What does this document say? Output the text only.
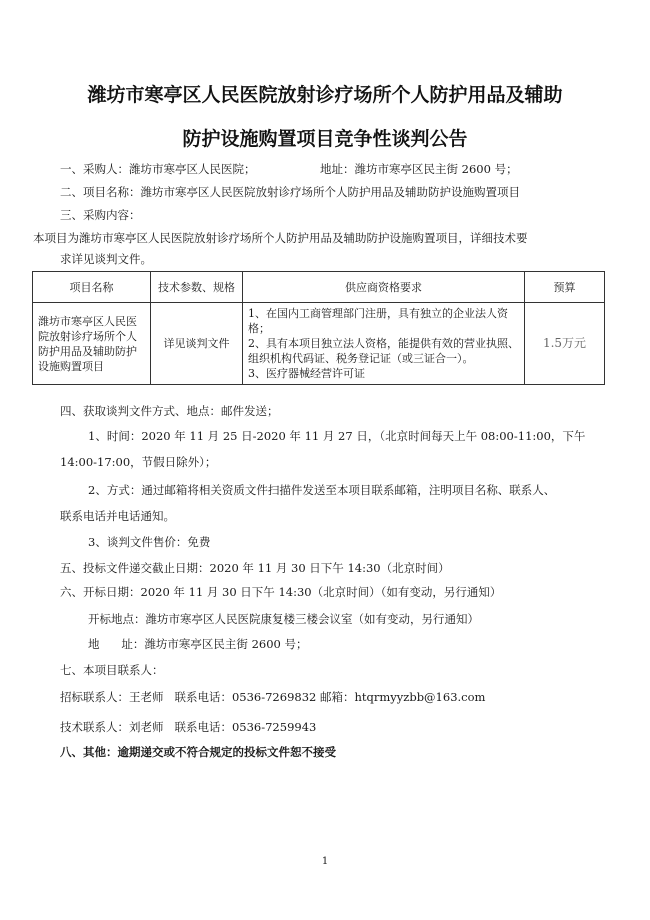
潍坊市寒亭区人民医院放射诊疗场所个人防护用品及辅助
防护设施购置项目竞争性谈判公告
一、采购人：潍坊市寒亭区人民医院；	地址：潍坊市寒亭区民主街 2600 号；
二、项目名称：潍坊市寒亭区人民医院放射诊疗场所个人防护用品及辅助防护设施购置项目
三、采购内容：
本项目为潍坊市寒亭区人民医院放射诊疗场所个人防护用品及辅助防护设施购置项目，详细技术要
求详见谈判文件。
项目名称	技术参数、规格	供应商资格要求	预算
潍坊市寒亭区人民医院放射诊疗场所个人防护用品及辅助防护设施购置项目	详见谈判文件	1、在国内工商管理部门注册，具有独立的企业法人资格；
2、具有本项目独立法人资格，能提供有效的营业执照、组织机构代码证、税务登记证（或三证合一）。
3、医疗器械经营许可证	1.5万元
四、获取谈判文件方式、地点：邮件发送；
1、时间：2020 年 11 月 25 日-2020 年 11 月 27 日，（北京时间每天上午 08:00-11:00，下午
14:00-17:00，节假日除外）；
2、方式：通过邮箱将相关资质文件扫描件发送至本项目联系邮箱，注明项目名称、联系人、
联系电话并电话通知。
3、谈判文件售价：免费
五、投标文件递交截止日期：2020 年 11 月 30 日下午 14:30（北京时间）
六、开标日期：2020 年 11 月 30 日下午 14:30（北京时间）（如有变动，另行通知）
开标地点：潍坊市寒亭区人民医院康复楼三楼会议室（如有变动，另行通知）
地      址：潍坊市寒亭区民主街 2600 号；
七、本项目联系人：
招标联系人：王老师   联系电话：0536-7269832 邮箱：htqrmyyzbb@163.com
技术联系人：刘老师   联系电话：0536-7259943
八、其他：逾期递交或不符合规定的投标文件恕不接受
1
